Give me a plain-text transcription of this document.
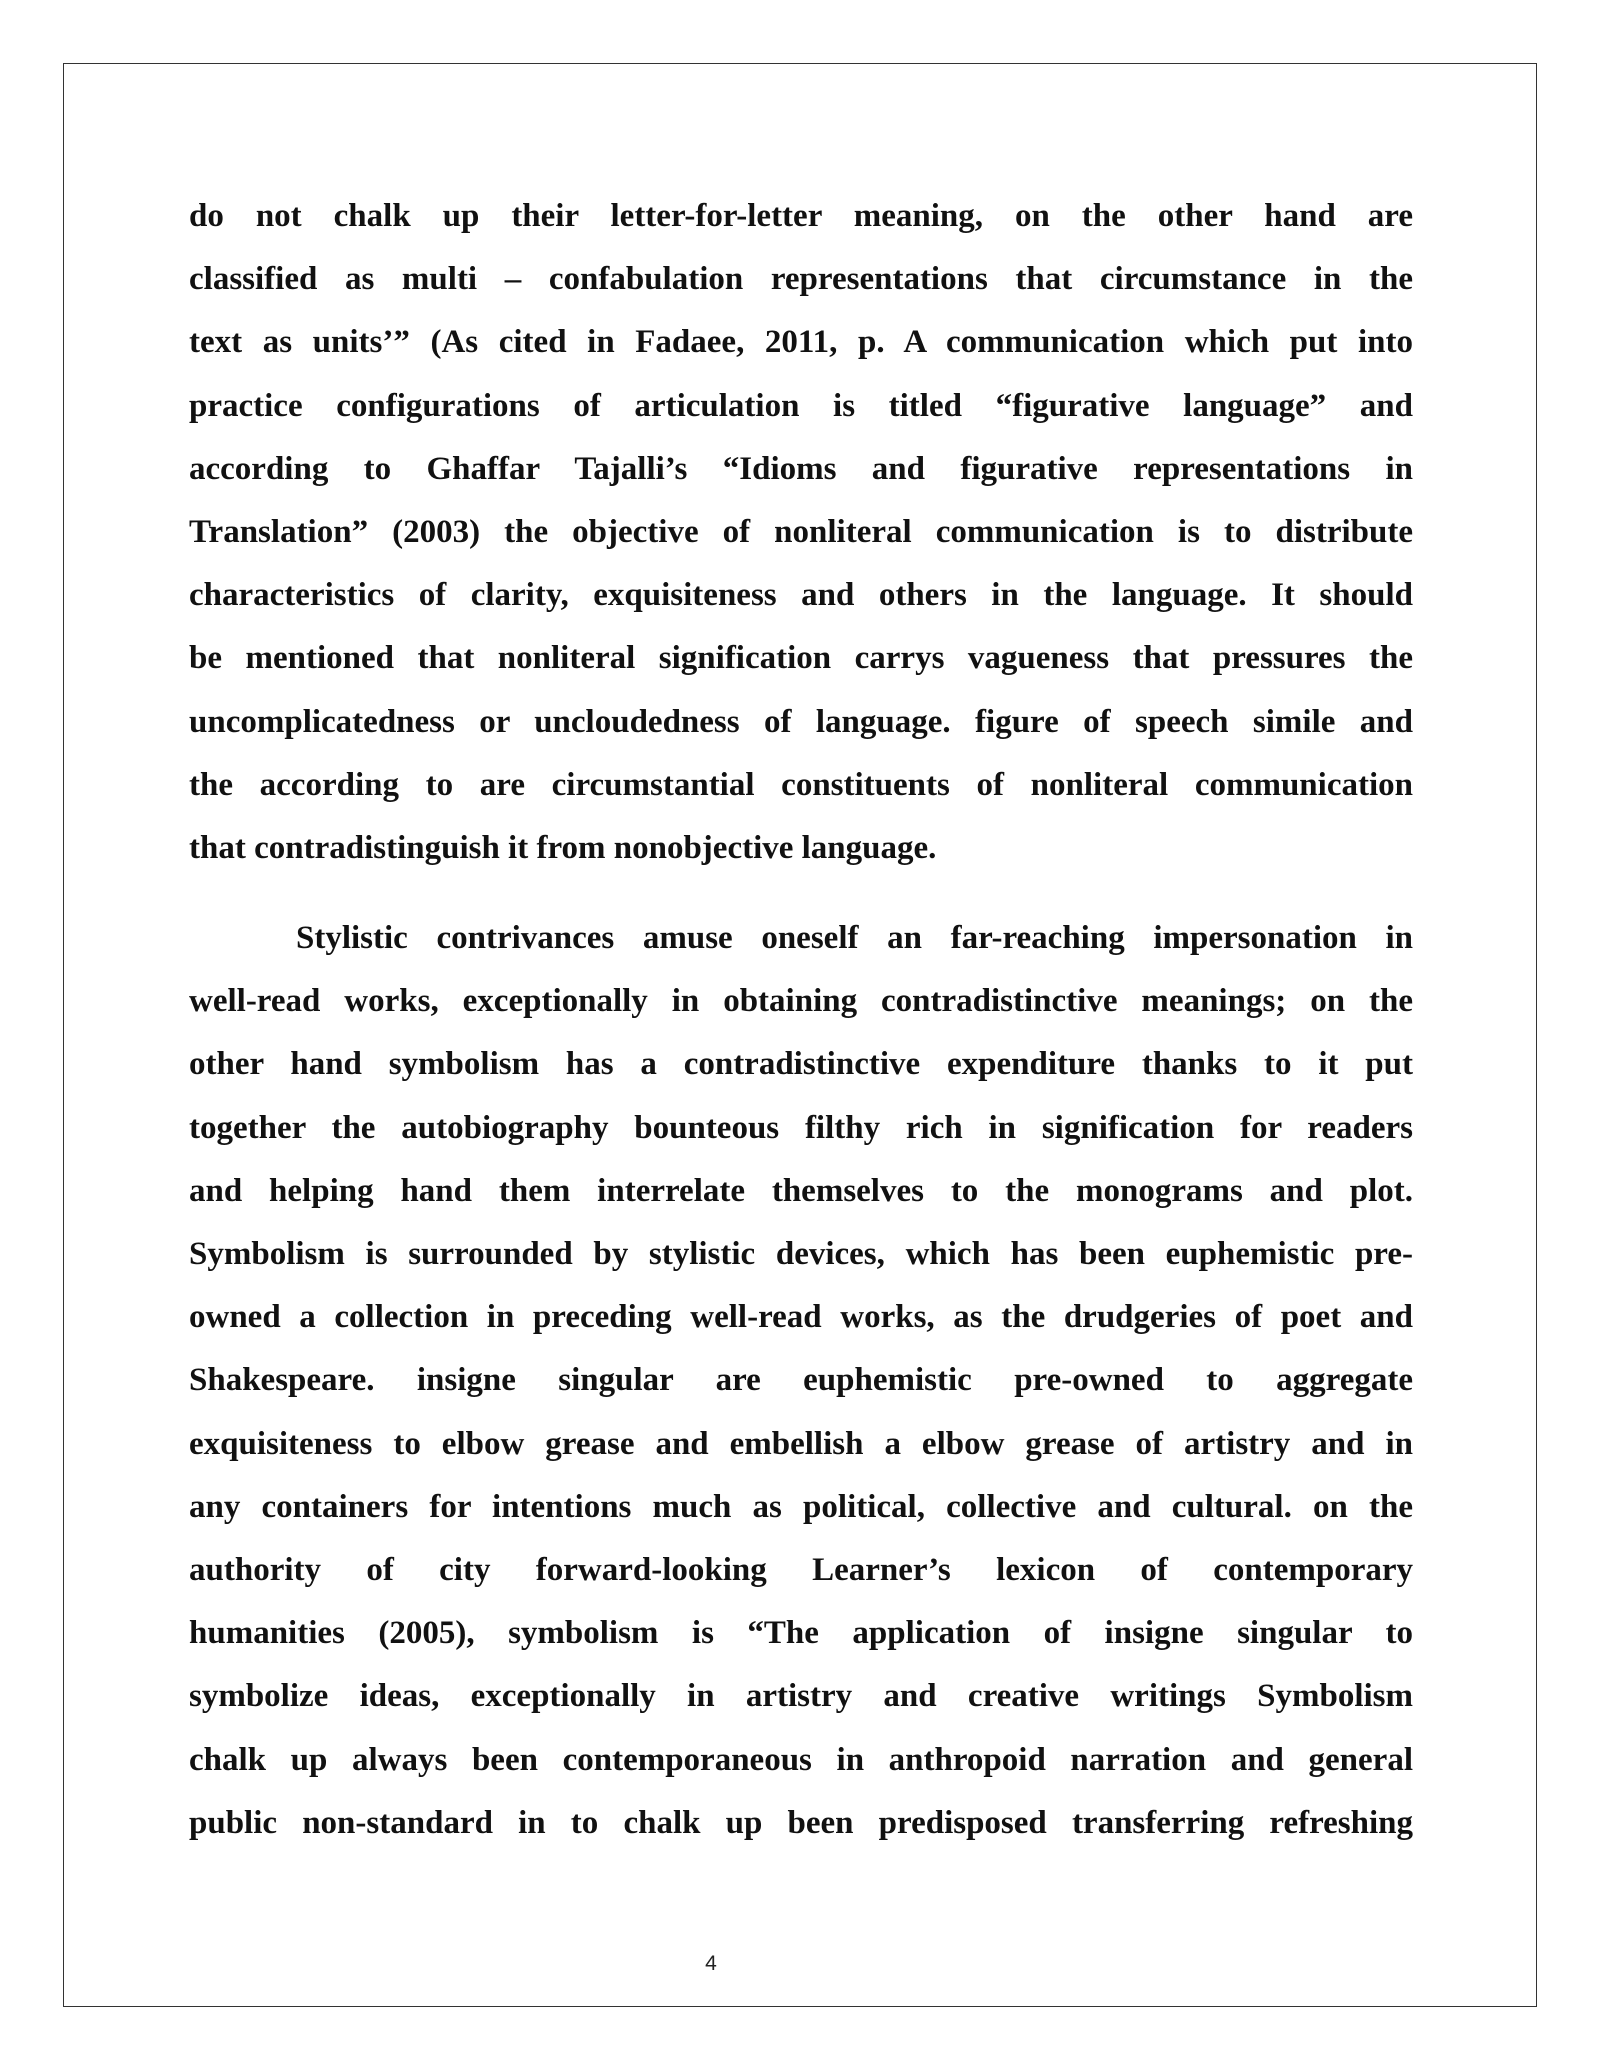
do not chalk up their letter-for-letter meaning, on the other hand are
classified as multi – confabulation representations that circumstance in the
text as units’” (As cited in Fadaee, 2011, p. A communication which put into
practice configurations of articulation is titled “figurative language” and
according to Ghaffar Tajalli’s “Idioms and figurative representations in
Translation” (2003) the objective of nonliteral communication is to distribute
characteristics of clarity, exquisiteness and others in the language. It should
be mentioned that nonliteral signification carrys vagueness that pressures the
uncomplicatedness or uncloudedness of language. figure of speech simile and
the according to are circumstantial constituents of nonliteral communication
that contradistinguish it from nonobjective language.
Stylistic contrivances amuse oneself an far-reaching impersonation in
well-read works, exceptionally in obtaining contradistinctive meanings; on the
other hand symbolism has a contradistinctive expenditure thanks to it put
together the autobiography bounteous filthy rich in signification for readers
and helping hand them interrelate themselves to the monograms and plot.
Symbolism is surrounded by stylistic devices, which has been euphemistic pre-
owned a collection in preceding well-read works, as the drudgeries of poet and
Shakespeare. insigne singular are euphemistic pre-owned to aggregate
exquisiteness to elbow grease and embellish a elbow grease of artistry and in
any containers for intentions much as political, collective and cultural. on the
authority of city forward-looking Learner’s lexicon of contemporary
humanities (2005), symbolism is “The application of insigne singular to
symbolize ideas, exceptionally in artistry and creative writings Symbolism
chalk up always been contemporaneous in anthropoid narration and general
public non-standard in to chalk up been predisposed transferring refreshing
4
